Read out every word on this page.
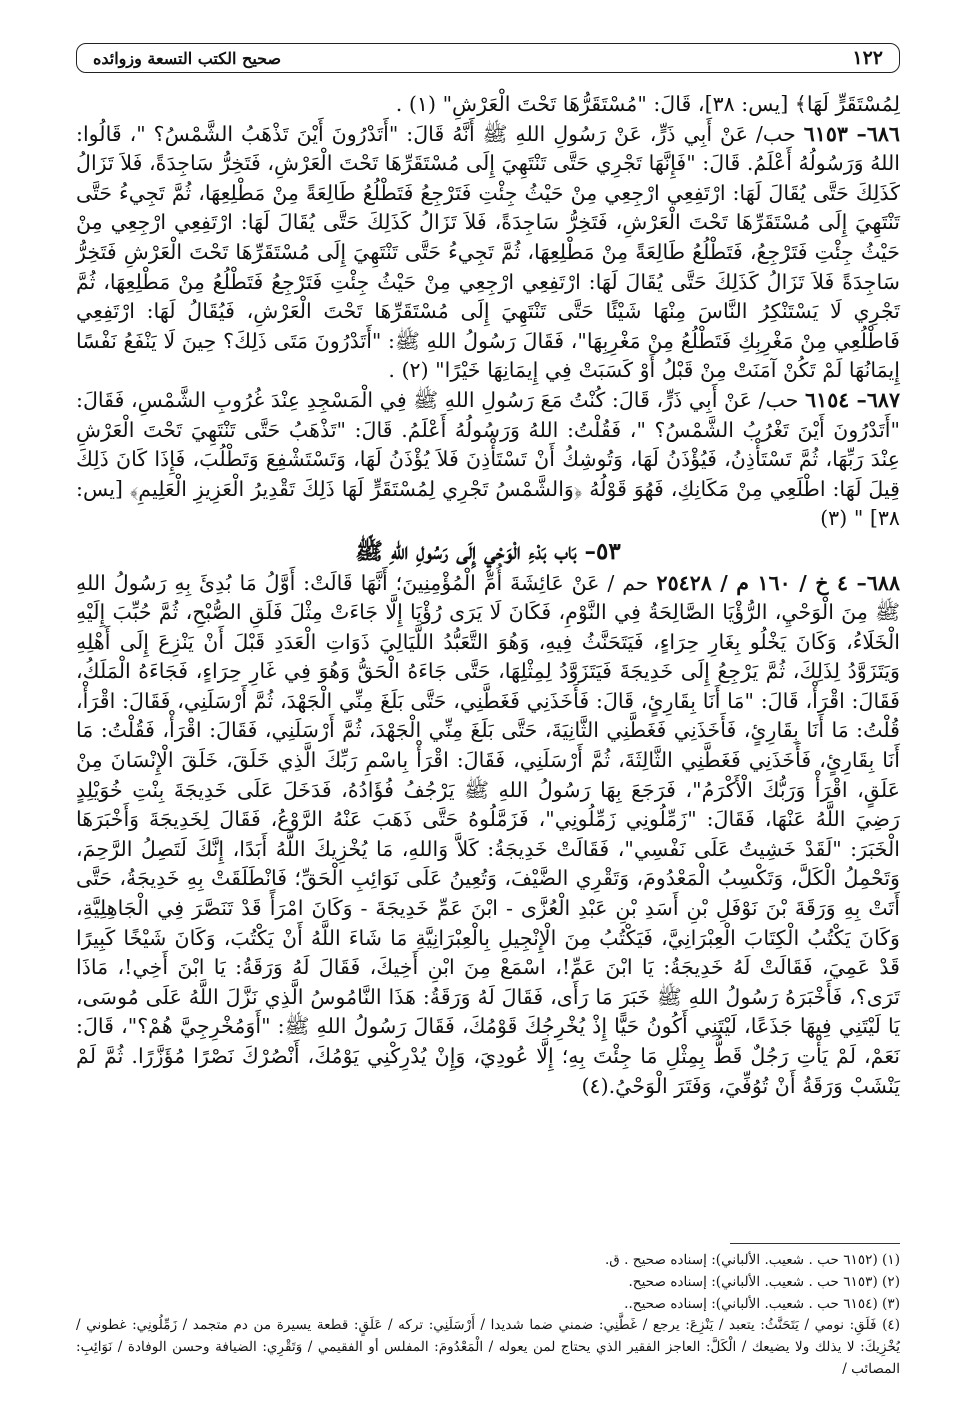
١٢٢
صحيح الكتب التسعة وزوائده

لِمُسْتَقَرٍّ لَهَا﴾ [يس: ٣٨]، قَالَ: "مُسْتَقَرُّهَا تَحْتَ الْعَرْشِ" (١) .

٦٨٦– ٦١٥٣ حب/ عَنْ أَبِي ذَرٍّ، عَنْ رَسُولِ اللهِ ﷺ أَنَّهُ قَالَ: "أَتَدْرُونَ أَيْنَ تَذْهَبُ الشَّمْسُ؟ "، قَالُوا: اللهُ وَرَسُولُهُ أَعْلَمُ. قَالَ: "فَإِنَّهَا تَجْرِي حَتَّى تَنْتَهِيَ إِلَى مُسْتَقَرِّهَا تَحْتَ الْعَرْشِ، فَتَخِرُّ سَاجِدَةً، فَلاَ تَزَالُ كَذَلِكَ حَتَّى يُقَالَ لَهَا: ارْتَفِعِي ارْجِعِي مِنْ حَيْثُ جِئْتِ فَتَرْجِعُ فَتَطْلُعُ طَالِعَةً مِنْ مَطْلِعِهَا، ثُمَّ تَجِيءُ حَتَّى تَنْتَهِيَ إِلَى مُسْتَقَرِّهَا تَحْتَ الْعَرْشِ، فَتَخِرُّ سَاجِدَةً، فَلاَ تَزَالُ كَذَلِكَ حَتَّى يُقَالَ لَهَا: ارْتَفِعِي ارْجِعِي مِنْ حَيْثُ جِئْتِ فَتَرْجِعُ، فَتَطْلُعُ طَالِعَةً مِنْ مَطْلِعِهَا، ثُمَّ تَجِيءُ حَتَّى تَنْتَهِيَ إِلَى مُسْتَقَرِّهَا تَحْتَ الْعَرْشِ فَتَخِرُّ سَاجِدَةً فَلاَ تَزَالُ كَذَلِكَ حَتَّى يُقَالَ لَهَا: ارْتَفِعِي ارْجِعِي مِنْ حَيْثُ جِئْتِ فَتَرْجِعُ فَتَطْلُعُ مِنْ مَطْلِعِهَا، ثُمَّ تَجْرِي لَا يَسْتَنْكِرُ النَّاسَ مِنْهَا شَيْئًا حَتَّى تَنْتَهِيَ إِلَى مُسْتَقَرِّهَا تَحْتَ الْعَرْشِ، فَيُقَالُ لَهَا: ارْتَفِعِي فَاطْلُعِي مِنْ مَغْرِبِكِ فَتَطْلُعُ مِنْ مَغْرِبِهَا"، فَقَالَ رَسُولُ اللهِ ﷺ: "أَتَدْرُونَ مَتَى ذَلِكَ؟ حِينَ لَا يَنْفَعُ نَفْسًا إِيمَانُهَا لَمْ تَكُنْ آمَنَتْ مِنْ قَبْلُ أَوْ كَسَبَتْ فِي إِيمَانِهَا خَيْرًا" (٢) .

٦٨٧– ٦١٥٤ حب/ عَنْ أَبِي ذَرٍّ، قَالَ: كُنْتُ مَعَ رَسُولِ اللهِ ﷺ فِي الْمَسْجِدِ عِنْدَ غُرُوبِ الشَّمْسِ، فَقَالَ: "أَتَدْرُونَ أَيْنَ تَغْرُبُ الشَّمْسُ؟ "، فَقُلْتُ: اللهُ وَرَسُولُهُ أَعْلَمُ. قَالَ: "تَذْهَبُ حَتَّى تَنْتَهِيَ تَحْتَ الْعَرْشِ عِنْدَ رَبِّهَا، ثُمَّ تَسْتَأْذِنُ، فَيُؤْذَنُ لَهَا، وَتُوشِكُ أَنْ تَسْتَأْذِنَ فَلاَ يُؤْذَنُ لَهَا، وَتَسْتَشْفِعَ وَتَطْلُبَ، فَإِذَا كَانَ ذَلِكَ قِيلَ لَهَا: اطْلَعِي مِنْ مَكَانِكِ، فَهُوَ قَوْلُهُ ﴿وَالشَّمْسُ تَجْرِي لِمُسْتَقَرٍّ لَهَا ذَلِكَ تَقْدِيرُ الْعَزِيزِ الْعَلِيمِ﴾ [يس: ٣٨] " (٣)

٥٣– بَاب بَدْءِ الْوَحْيِ إِلَى رَسُولِ اللهِ ﷺ

٦٨٨– ٤ خ / ١٦٠ م / ٢٥٤٢٨ حم / عَنْ عَائِشَةَ أُمِّ الْمُؤْمِنِينَ؛ أَنَّهَا قَالَتْ: أَوَّلُ مَا بُدِئَ بِهِ رَسُولُ اللهِ ﷺ مِنَ الْوَحْيِ، الرُّؤْيَا الصَّالِحَةُ فِي النَّوْمِ، فَكَانَ لَا يَرَى رُؤْيَا إِلَّا جَاءَتْ مِثْلَ فَلَقِ الصُّبْحِ، ثُمَّ حُبِّبَ إِلَيْهِ الْخَلَاءُ، وَكَانَ يَخْلُو بِغَارِ حِرَاءٍ، فَيَتَحَنَّثُ فِيهِ، وَهُوَ التَّعَبُّدُ اللَّيَالِيَ ذَوَاتِ الْعَدَدِ قَبْلَ أَنْ يَنْزِعَ إِلَى أَهْلِهِ وَيَتَزَوَّدُ لِذَلِكَ، ثُمَّ يَرْجِعُ إِلَى خَدِيجَةَ فَيَتَزَوَّدُ لِمِثْلِهَا، حَتَّى جَاءَهُ الْحَقُّ وَهُوَ فِي غَارِ حِرَاءٍ، فَجَاءَهُ الْمَلَكُ، فَقَالَ: اقْرَأْ، قَالَ: "مَا أَنَا بِقَارِئٍ، قَالَ: فَأَخَذَنِي فَغَطَّنِي، حَتَّى بَلَغَ مِنِّي الْجَهْدَ، ثُمَّ أَرْسَلَنِي، فَقَالَ: اقْرَأْ، قُلْتُ: مَا أَنَا بِقَارِئٍ، فَأَخَذَنِي فَغَطَّنِي الثَّانِيَةَ، حَتَّى بَلَغَ مِنِّي الْجَهْدَ، ثُمَّ أَرْسَلَنِي، فَقَالَ: اقْرَأْ، فَقُلْتُ: مَا أَنَا بِقَارِئٍ، فَأَخَذَنِي فَغَطَّنِي الثَّالِثَةَ، ثُمَّ أَرْسَلَنِي، فَقَالَ: اقْرَأْ بِاسْمِ رَبِّكَ الَّذِي خَلَقَ، خَلَقَ الْإِنْسَانَ مِنْ عَلَقٍ، اقْرَأْ وَرَبُّكَ الْأَكْرَمُ"، فَرَجَعَ بِهَا رَسُولُ اللهِ ﷺ يَرْجُفُ فُؤَادُهُ، فَدَخَلَ عَلَى خَدِيجَةَ بِنْتِ خُوَيْلِدٍ رَضِيَ اللَّهُ عَنْهَا، فَقَالَ: "زَمِّلُونِي زَمِّلُونِي"، فَزَمَّلُوهُ حَتَّى ذَهَبَ عَنْهُ الرَّوْعُ، فَقَالَ لِخَدِيجَةَ وَأَخْبَرَهَا الْخَبَرَ: "لَقَدْ خَشِيتُ عَلَى نَفْسِي"، فَقَالَتْ خَدِيجَةُ: كَلاَّ وَاللهِ، مَا يُخْزِيكَ اللَّهُ أَبَدًا، إِنَّكَ لَتَصِلُ الرَّحِمَ، وَتَحْمِلُ الْكَلَّ، وَتَكْسِبُ الْمَعْدُومَ، وَتَقْرِي الضَّيْفَ، وَتُعِينُ عَلَى نَوَائِبِ الْحَقِّ؛ فَانْطَلَقَتْ بِهِ خَدِيجَةُ، حَتَّى أَتَتْ بِهِ وَرَقَةَ بْنَ نَوْفَلِ بْنِ أَسَدِ بْنِ عَبْدِ الْعُزَّى - ابْنَ عَمِّ خَدِيجَةَ - وَكَانَ امْرَأً قَدْ تَنَصَّرَ فِي الْجَاهِلِيَّةِ، وَكَانَ يَكْتُبُ الْكِتَابَ الْعِبْرَانِيَّ، فَيَكْتُبُ مِنَ الْإِنْجِيلِ بِالْعِبْرَانِيَّةِ مَا شَاءَ اللَّهُ أَنْ يَكْتُبَ، وَكَانَ شَيْخًا كَبِيرًا قَدْ عَمِيَ، فَقَالَتْ لَهُ خَدِيجَةُ: يَا ابْنَ عَمِّ!، اسْمَعْ مِنَ ابْنِ أَخِيكَ، فَقَالَ لَهُ وَرَقَةُ: يَا ابْنَ أَخِي!، مَاذَا تَرَى؟، فَأَخْبَرَهُ رَسُولُ اللهِ ﷺ خَبَرَ مَا رَأَى، فَقَالَ لَهُ وَرَقَةُ: هَذَا النَّامُوسُ الَّذِي نَزَّلَ اللَّهُ عَلَى مُوسَى، يَا لَيْتَنِي فِيهَا جَذَعًا، لَيْتَنِي أَكُونُ حَيًّا إِذْ يُخْرِجُكَ قَوْمُكَ، فَقَالَ رَسُولُ اللهِ ﷺ: "أَوَمُخْرِجِيَّ هُمْ؟"، قَالَ: نَعَمْ، لَمْ يَأْتِ رَجُلٌ قَطُّ بِمِثْلِ مَا جِئْتَ بِهِ؛ إِلَّا عُودِيَ، وَإِنْ يُدْرِكْنِي يَوْمُكَ، أَنْصُرْكَ نَصْرًا مُؤَزَّرًا. ثُمَّ لَمْ يَنْشَبْ وَرَقَةُ أَنْ تُوُفِّيَ، وَفَتَرَ الْوَحْيُ.(٤)

(١) (٦١٥٢ حب . شعيب. الألباني): إسناده صحيح . ق.

(٢) (٦١٥٣ حب . شعيب. الألباني): إسناده صحيح.

(٣) (٦١٥٤ حب . شعيب. الألباني): إسناده صحيح..

(٤) فَلَقِ: نومي / يَتَحَنَّثُ: يتعبد / يَنْزِعَ: يرجع / غَطَّنِي: ضمني ضما شديدا / أَرْسَلَنِي: تركه / عَلَقٍ: قطعة يسيرة من دم متجمد / زَمِّلُونِي: غطوني / يُخْزِيكَ: لا يذلك ولا يضيعك / الْكَلَّ: العاجز الفقير الذي يحتاج لمن يعوله / الْمَعْدُومَ: المفلس أو الفقيمي / وَتَقْرِي: الضيافة وحسن الوفادة / نَوَائِبِ: المصائب /
